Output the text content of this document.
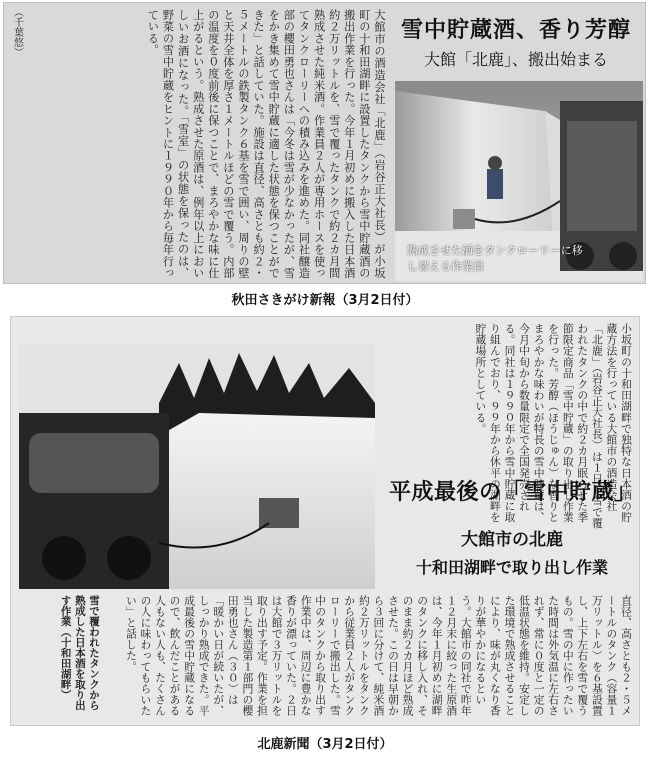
大館市の酒造会社「北鹿」（岩谷正大社長）が小坂町の十和田湖畔に設置したタンクから雪中貯蔵酒の搬出作業を行った。今年１月初めに搬入した日本酒約２万リットルを、雪で覆ったタンクで約２カ月間熟成させた純米酒。作業員２人が専用ホースを使ってタンクローリーへの積み込みを進めた。同社醸造部の櫻田勇也さんは「今冬は雪が少なかったが、雪をかき集めて雪中貯蔵に適した状態を保つことができた」と話していた。施設は直径、高さとも約２・５メートルの鉄製タンク６基を雪で囲い、周りの壁と天井全体を厚さ１メートルほどの雪で覆う。内部の温度を０度前後に保つことで、まろやかな味に仕上がるという。熟成させた原酒は、例年以上においしいお酒になった。「雪室」の状態を保ったのは、野菜の雪中貯蔵をヒントに１９９０年から毎年行っている。
（千葉悠）	雪中貯蔵酒、香り芳醇
大館「北鹿」、搬出始まる
熟成させた酒をタンクローリーに移し替える作業員
秋田さきがけ新報（3月2日付）
小坂町の十和田湖畔で独特な日本酒の貯蔵方法を行っている大館市の酒造会社「北鹿」（岩谷正大社長）は１日、雪で覆われたタンクの中で約２カ月眠らせた季節限定商品「雪中貯蔵」の取り出し作業を行った。芳醇（ほうじゅん）な香りとまろやかな味わいが特長の雪中貯蔵は、今月中旬から数量限定で全国発売される。同社は１９９０年から雪中貯蔵に取り組んでおり、９９年から休平の湖畔を貯蔵場所としている。
平成最後の「雪中貯蔵」
大館市の北鹿
十和田湖畔で取り出し作業
直径、高さとも２・５メートルのタンク（容量１万リットル）を６基設置し、上下左右を雪で覆うもの。雪の中に作ったいた時間は外気温に左右されず、常に０度と一定の低温状態を維持。安定した環境で熟成させることにより、味が丸くなり香りが華やかになるという。大館市の同社で昨年１２月末に絞った生原酒は、今年１月初めに湖畔のタンクに移し入れ、そのまま約２カ月ほど熟成させた。この日は早朝から３回に分けて、純米酒約２万リットルをタンクから従業員２人がタンクローリーで搬出した。雪中のタンクから取り出す作業中は、周辺に豊かな香りが漂っていた。２日は大館で３万リットルを取り出す予定。作業を担当した製造第１部門の櫻田勇也さん（３０）は「暖かい日が続いたが、しっかり熟成できた。平成最後の雪中貯蔵になるので、飲んだことがある人もない人も、たくさんの人に味わってもらいたい」と話した。
雪で覆われたタンクから熟成した日本酒を取り出す作業（十和田湖畔）
北鹿新聞（3月2日付）
